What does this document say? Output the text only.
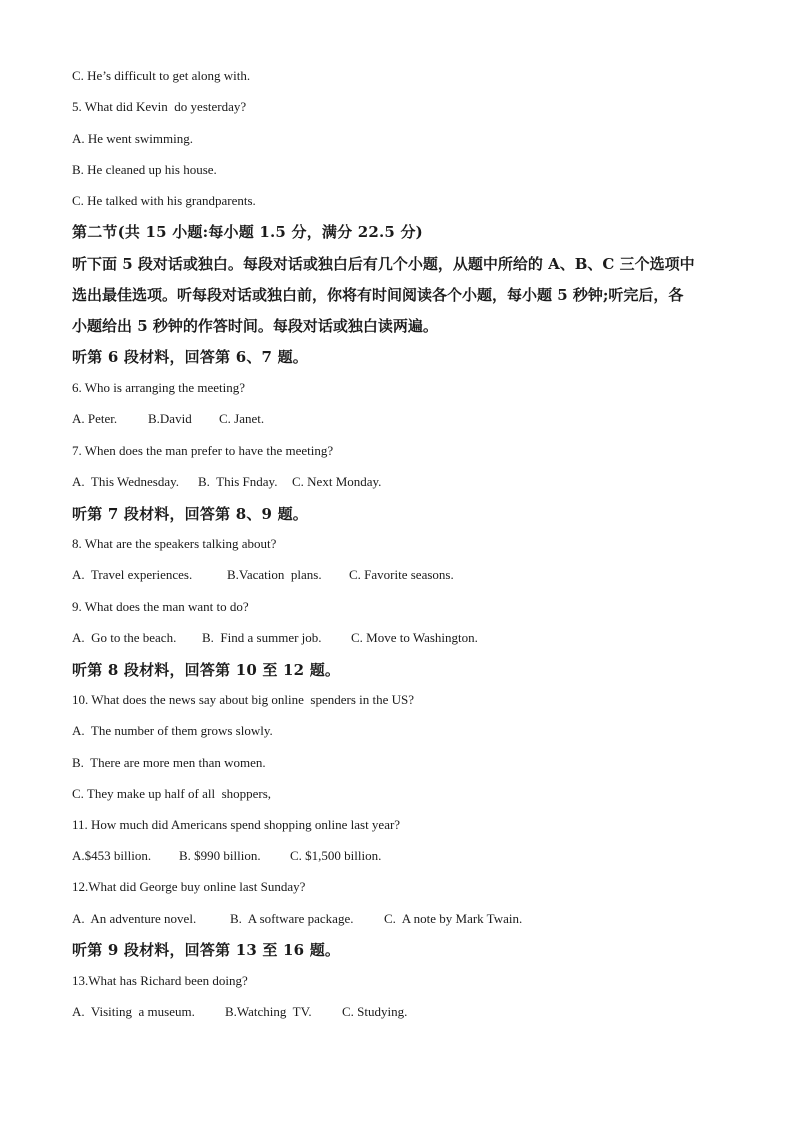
C. He’s difficult to get along with.
5. What did Kevin  do yesterday?
A. He went swimming.
B. He cleaned up his house.
C. He talked with his grandparents.
第二节(共 15 小题:每小题 1.5 分，满分 22.5 分)
听下面 5 段对话或独白。每段对话或独白后有几个小题，从题中所给的 A、B、C 三个选项中
选出最佳选项。听每段对话或独白前，你将有时间阅读各个小题，每小题 5 秒钟;听完后，各
小题给出 5 秒钟的作答时间。每段对话或独白读两遍。
听第 6 段材料，回答第 6、7 题。
6. Who is arranging the meeting?
A. Peter. B.David C. Janet.
7. When does the man prefer to have the meeting?
A.  This Wednesday. B.  This Fnday. C. Next Monday.
听第 7 段材料，回答第 8、9 题。
8. What are the speakers talking about?
A.  Travel experiences.	B.Vacation  plans. C. Favorite seasons.
9. What does the man want to do?
A.  Go to the beach. B.  Find a summer job. C. Move to Washington.
听第 8 段材料，回答第 10 至 12 题。
10. What does the news say about big online  spenders in the US?
A.  The number of them grows slowly.
B.  There are more men than women.
C. They make up half of all  shoppers,
11. How much did Americans spend shopping online last year?
A.$453 billion. B. $990 billion. C. $1,500 billion.
12.What did George buy online last Sunday?
A.  An adventure novel.	B.  A software package. C.  A note by Mark Twain.
听第 9 段材料，回答第 13 至 16 题。
13.What has Richard been doing?
A.  Visiting  a museum. B.Watching  TV. C. Studying.
